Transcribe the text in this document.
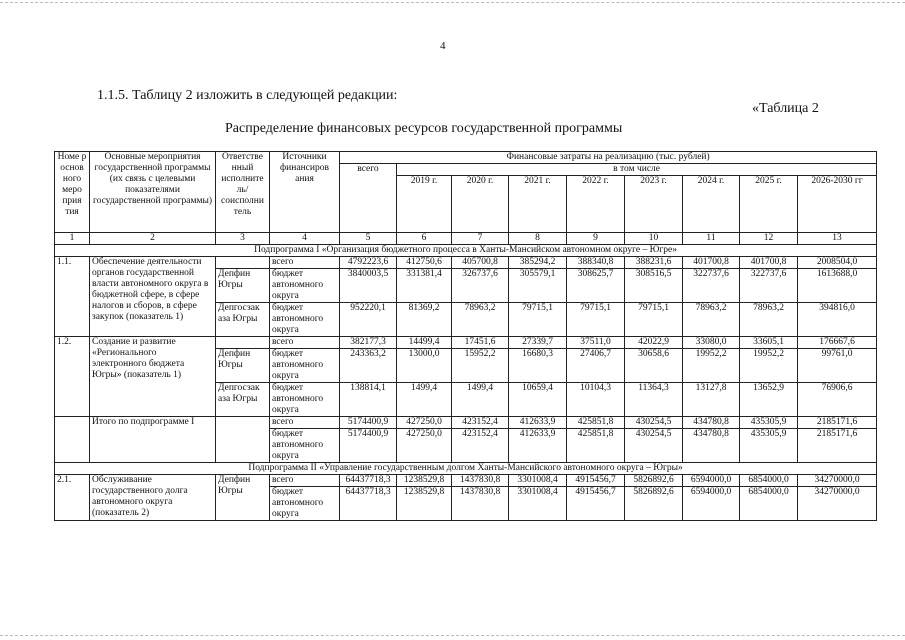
4
1.1.5. Таблицу 2 изложить в следующей редакции:
«Таблица 2
Распределение финансовых ресурсов государственной программы
Номе р основ ного меро прия тия	Основные мероприятия государственной программы (их связь с целевыми показателями государственной программы)	Ответстве нный исполните ль/ соисполни тель	Источники финансиров ания	Финансовые затраты на реализацию (тыс. рублей)								
				всего	в том числе							
					2019 г.	2020 г.	2021 г.	2022 г.	2023 г.	2024 г.	2025 г.	2026-2030 гг
1	2	3	4	5	6	7	8	9	10	11	12	13
Подпрограмма I «Организация бюджетного процесса в Ханты-Мансийском автономном округе – Югре»												
1.1.	Обеспечение деятельности органов государственной власти автономного округа в бюджетной сфере, в сфере налогов и сборов, в сфере закупок (показатель 1)		всего	4792223,6	412750,6	405700,8	385294,2	388340,8	388231,6	401700,8	401700,8	2008504,0
		Депфин Югры	бюджет автономного округа	3840003,5	331381,4	326737,6	305579,1	308625,7	308516,5	322737,6	322737,6	1613688,0
		Депгосзак аза Югры	бюджет автономного округа	952220,1	81369,2	78963,2	79715,1	79715,1	79715,1	78963,2	78963,2	394816,0
1.2.	Создание и развитие «Регионального электронного бюджета Югры» (показатель 1)		всего	382177,3	14499,4	17451,6	27339,7	37511,0	42022,9	33080,0	33605,1	176667,6
		Депфин Югры	бюджет автономного округа	243363,2	13000,0	15952,2	16680,3	27406,7	30658,6	19952,2	19952,2	99761,0
		Депгосзак аза Югры	бюджет автономного округа	138814,1	1499,4	1499,4	10659,4	10104,3	11364,3	13127,8	13652,9	76906,6
	Итого по подпрограмме I		всего	5174400,9	427250,0	423152,4	412633,9	425851,8	430254,5	434780,8	435305,9	2185171,6
			бюджет автономного округа	5174400,9	427250,0	423152,4	412633,9	425851,8	430254,5	434780,8	435305,9	2185171,6
Подпрограмма II «Управление государственным долгом Ханты-Мансийского автономного округа – Югры»												
2.1.	Обслуживание государственного долга автономного округа (показатель 2)	Депфин Югры	всего	64437718,3	1238529,8	1437830,8	3301008,4	4915456,7	5826892,6	6594000,0	6854000,0	34270000,0
			бюджет автономного округа	64437718,3	1238529,8	1437830,8	3301008,4	4915456,7	5826892,6	6594000,0	6854000,0	34270000,0
